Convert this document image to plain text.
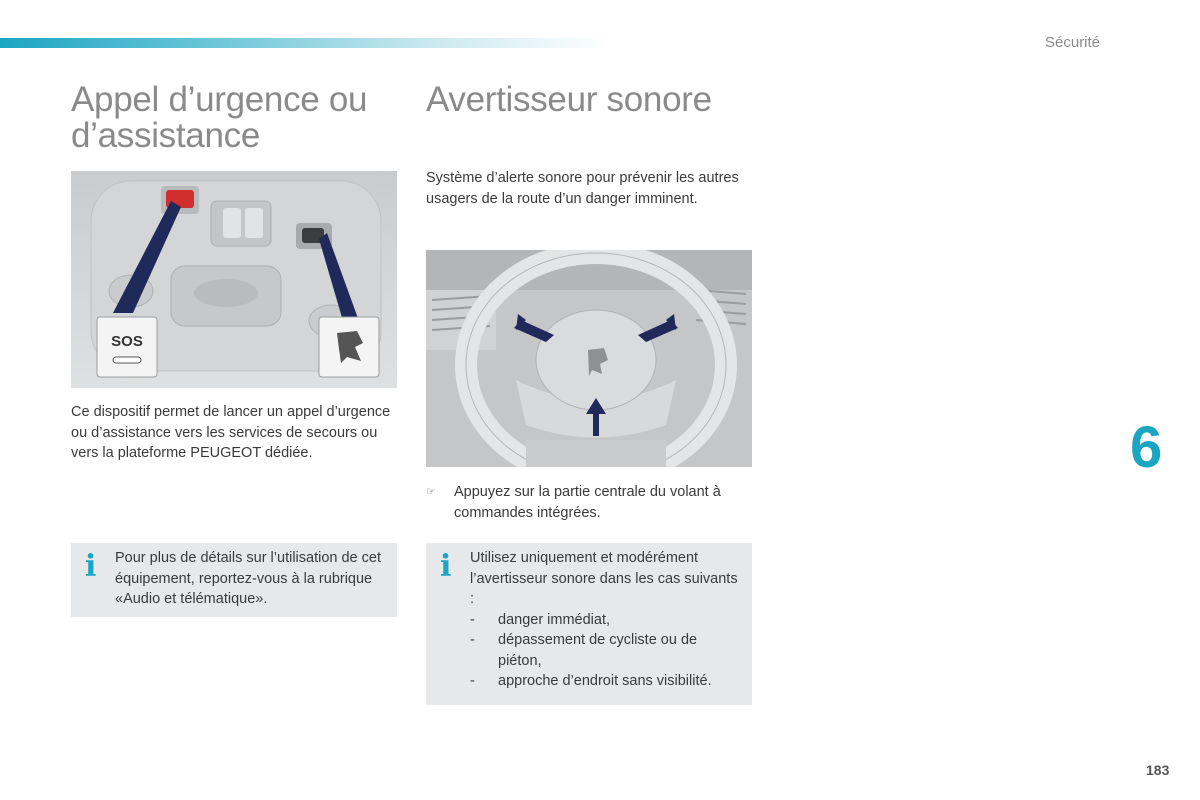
Sécurité
6
183
Appel d’urgence ou
d’assistance
Avertisseur sonore
SOS
Ce dispositif permet de lancer un appel d’urgence ou d’assistance vers les services de secours ou vers la plateforme PEUGEOT dédiée.
i Pour plus de détails sur l’utilisation de cet équipement, reportez-vous à la rubrique «Audio et télématique».
Système d’alerte sonore pour prévenir les autres usagers de la route d’un danger imminent.
☞	Appuyez sur la partie centrale du volant à commandes intégrées.
i Utilisez uniquement et modérément l’avertisseur sonore dans les cas suivants :
- danger immédiat,
- dépassement de cycliste ou de piéton,
- approche d’endroit sans visibilité.
